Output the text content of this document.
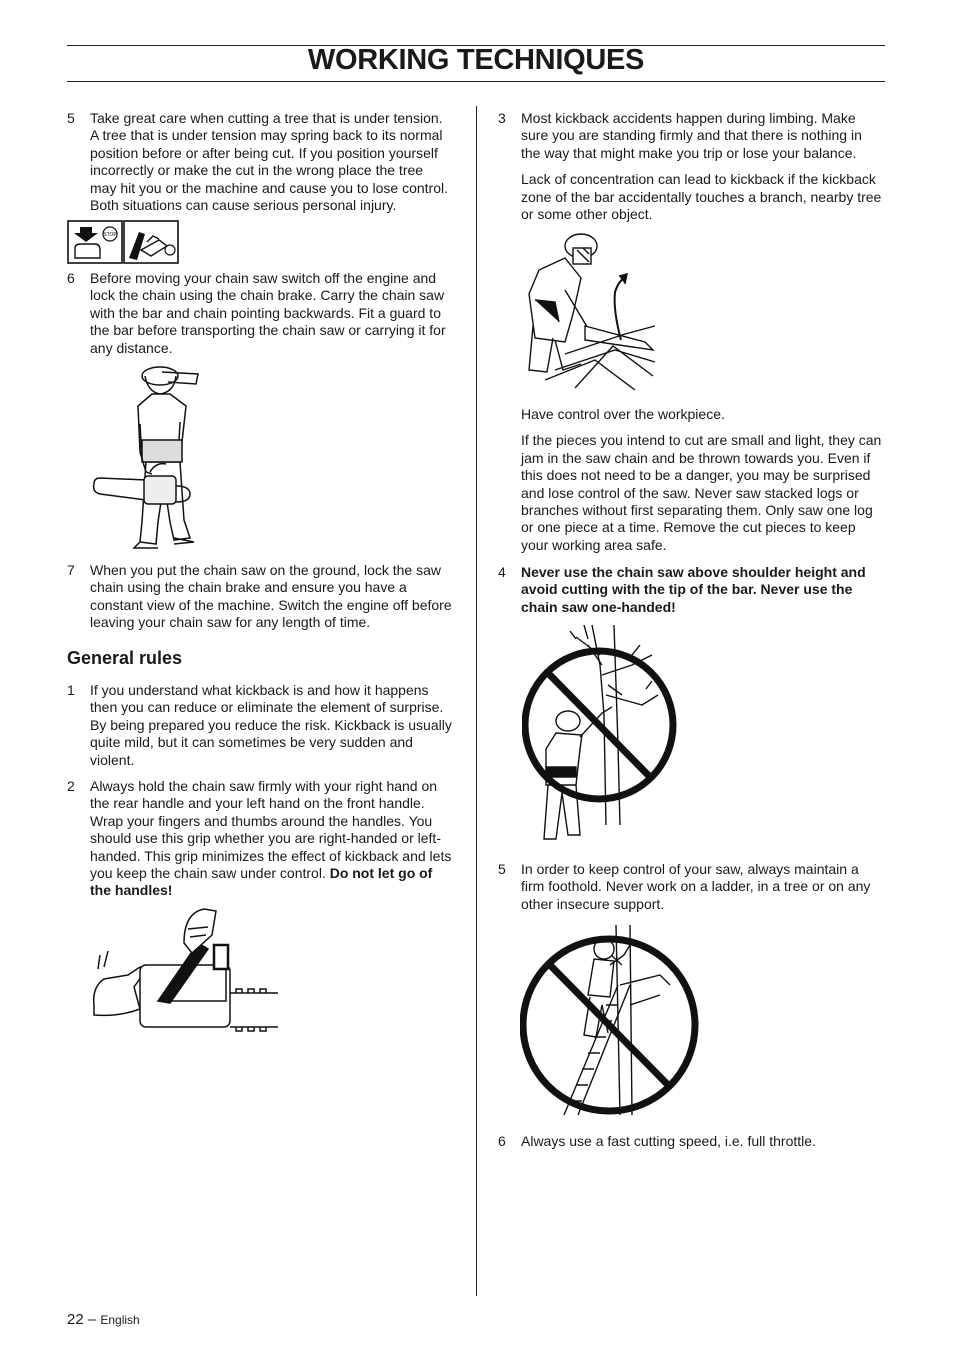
WORKING TECHNIQUES
5 Take great care when cutting a tree that is under tension. A tree that is under tension may spring back to its normal position before or after being cut. If you position yourself incorrectly or make the cut in the wrong place the tree may hit you or the machine and cause you to lose control. Both situations can cause serious personal injury.

STOP
6 Before moving your chain saw switch off the engine and lock the chain using the chain brake. Carry the chain saw with the bar and chain pointing backwards. Fit a guard to the bar before transporting the chain saw or carrying it for any distance.

7 When you put the chain saw on the ground, lock the saw chain using the chain brake and ensure you have a constant view of the machine. Switch the engine off before leaving your chain saw for any length of time.

General rules
1 If you understand what kickback is and how it happens then you can reduce or eliminate the element of surprise. By being prepared you reduce the risk. Kickback is usually quite mild, but it can sometimes be very sudden and violent.

2 Always hold the chain saw firmly with your right hand on the rear handle and your left hand on the front handle. Wrap your fingers and thumbs around the handles. You should use this grip whether you are right-handed or left-handed. This grip minimizes the effect of kickback and lets you keep the chain saw under control. Do not let go of the handles!

3 Most kickback accidents happen during limbing. Make sure you are standing firmly and that there is nothing in the way that might make you trip or lose your balance.

Lack of concentration can lead to kickback if the kickback zone of the bar accidentally touches a branch, nearby tree or some other object.

Have control over the workpiece.

If the pieces you intend to cut are small and light, they can jam in the saw chain and be thrown towards you. Even if this does not need to be a danger, you may be surprised and lose control of the saw. Never saw stacked logs or branches without first separating them. Only saw one log or one piece at a time. Remove the cut pieces to keep your working area safe.

4 Never use the chain saw above shoulder height and avoid cutting with the tip of the bar. Never use the chain saw one-handed!

5 In order to keep control of your saw, always maintain a firm foothold. Never work on a ladder, in a tree or on any other insecure support.

6 Always use a fast cutting speed, i.e. full throttle.

22 – English
